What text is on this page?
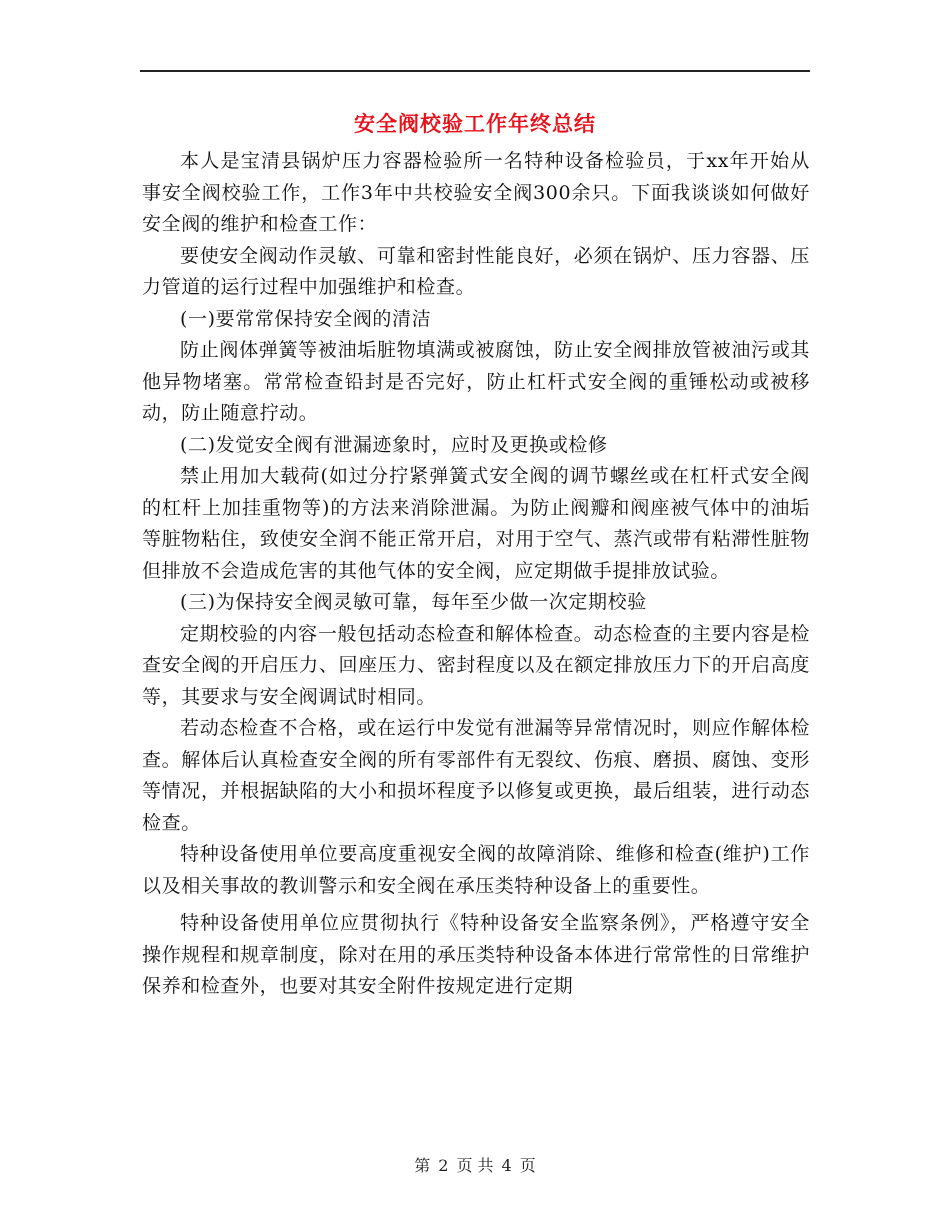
安全阀校验工作年终总结

本人是宝清县锅炉压力容器检验所一名特种设备检验员，于xx年开始从事安全阀校验工作，工作3年中共校验安全阀300余只。下面我谈谈如何做好安全阀的维护和检查工作：

要使安全阀动作灵敏、可靠和密封性能良好，必须在锅炉、压力容器、压力管道的运行过程中加强维护和检查。

(一)要常常保持安全阀的清洁

防止阀体弹簧等被油垢脏物填满或被腐蚀，防止安全阀排放管被油污或其他异物堵塞。常常检查铅封是否完好，防止杠杆式安全阀的重锤松动或被移动，防止随意拧动。

(二)发觉安全阀有泄漏迹象时，应时及更换或检修

禁止用加大载荷(如过分拧紧弹簧式安全阀的调节螺丝或在杠杆式安全阀的杠杆上加挂重物等)的方法来消除泄漏。为防止阀瓣和阀座被气体中的油垢等脏物粘住，致使安全润不能正常开启，对用于空气、蒸汽或带有粘滞性脏物但排放不会造成危害的其他气体的安全阀，应定期做手提排放试验。

(三)为保持安全阀灵敏可靠，每年至少做一次定期校验

定期校验的内容一般包括动态检查和解体检查。动态检查的主要内容是检查安全阀的开启压力、回座压力、密封程度以及在额定排放压力下的开启高度等，其要求与安全阀调试时相同。

若动态检查不合格，或在运行中发觉有泄漏等异常情况时，则应作解体检查。解体后认真检查安全阀的所有零部件有无裂纹、伤痕、磨损、腐蚀、变形等情况，并根据缺陷的大小和损坏程度予以修复或更换，最后组装，进行动态检查。

特种设备使用单位要高度重视安全阀的故障消除、维修和检查(维护)工作以及相关事故的教训警示和安全阀在承压类特种设备上的重要性。

特种设备使用单位应贯彻执行《特种设备安全监察条例》，严格遵守安全操作规程和规章制度，除对在用的承压类特种设备本体进行常常性的日常维护保养和检查外，也要对其安全附件按规定进行定期

第 2 页 共 4 页
